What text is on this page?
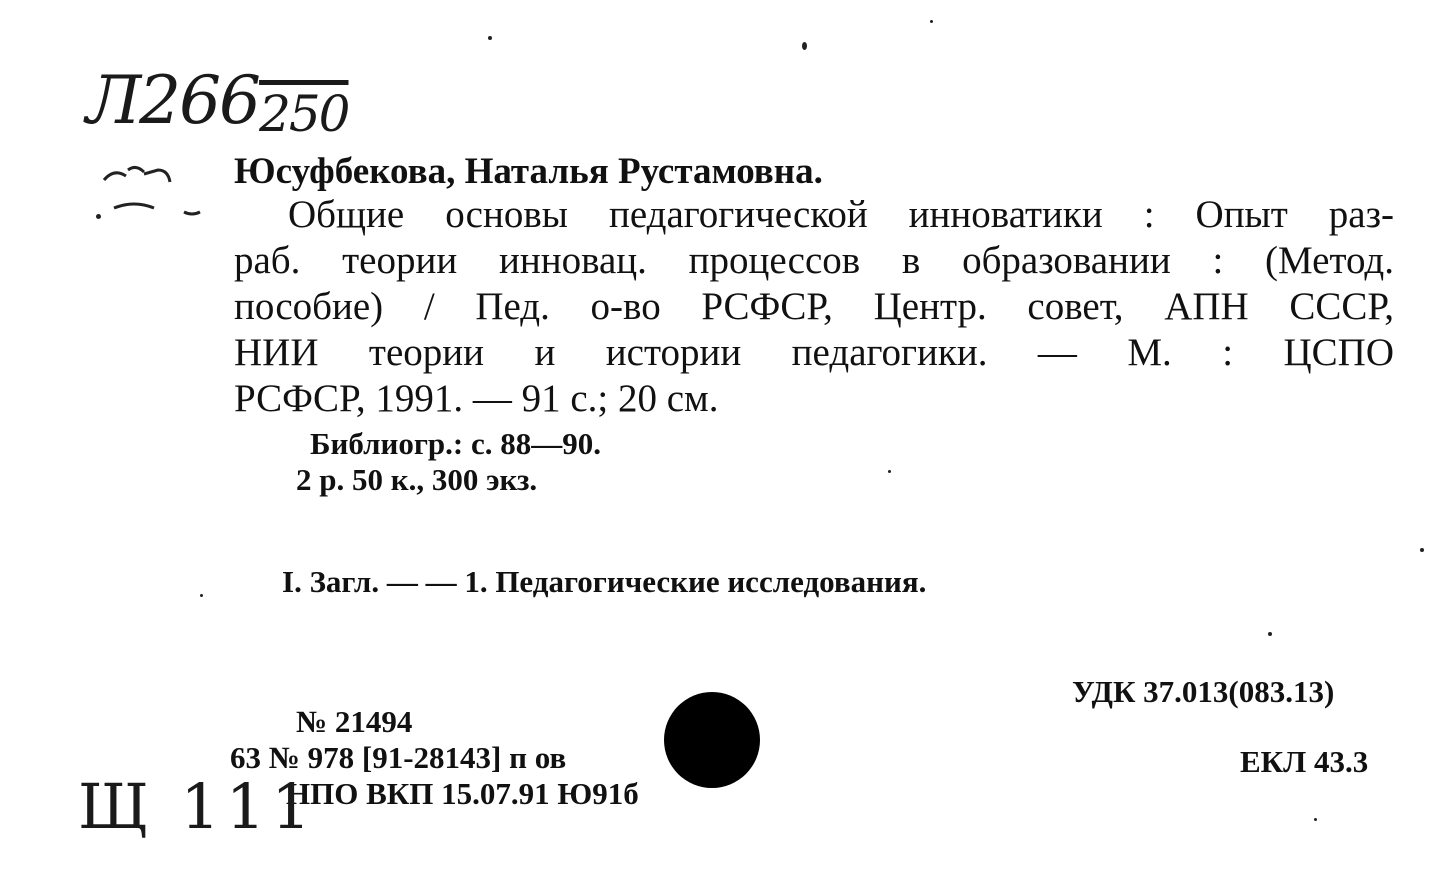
Л266250
Юсуфбекова, Наталья Рустамовна.
Общие основы педагогической инноватики : Опыт раз-
раб. теории инновац. процессов в образовании : (Метод.
пособие) / Пед. о-во РСФСР, Центр. совет, АПН СССР,
НИИ теории и истории педагогики. — М. : ЦСПО
РСФСР, 1991. — 91 с.; 20 см.
Библиогр.: с. 88—90.
2 р. 50 к., 300 экз.
I. Загл. — — 1. Педагогические исследования.
УДК 37.013(083.13)
ЕКЛ 43.3
№ 21494
63 № 978 [91-28143] п ов
НПО ВКП 15.07.91 Ю91б
Щ 111
